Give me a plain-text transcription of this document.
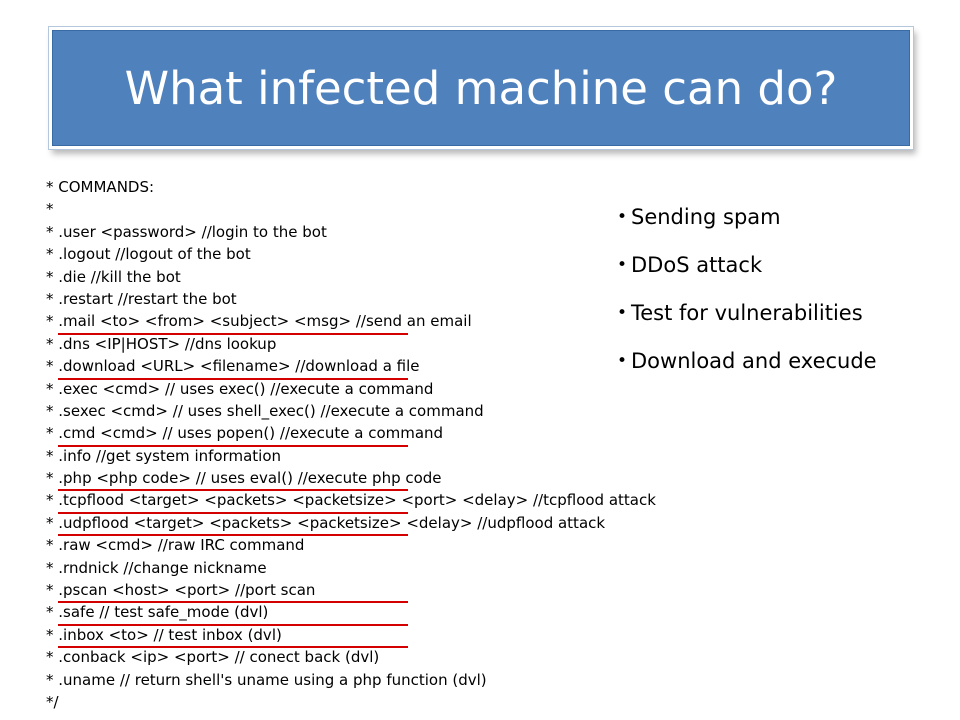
What infected machine can do?
* COMMANDS:
*
* .user <password> //login to the bot
* .logout //logout of the bot
* .die //kill the bot
* .restart //restart the bot
* .mail <to> <from> <subject> <msg> //send an email
* .dns <IP|HOST> //dns lookup
* .download <URL> <filename> //download a file
* .exec <cmd> // uses exec() //execute a command
* .sexec <cmd> // uses shell_exec() //execute a command
* .cmd <cmd> // uses popen() //execute a command
* .info //get system information
* .php <php code> // uses eval() //execute php code
* .tcpflood <target> <packets> <packetsize> <port> <delay> //tcpflood attack
* .udpflood <target> <packets> <packetsize> <delay> //udpflood attack
* .raw <cmd> //raw IRC command
* .rndnick //change nickname
* .pscan <host> <port> //port scan
* .safe // test safe_mode (dvl)
* .inbox <to> // test inbox (dvl)
* .conback <ip> <port> // conect back (dvl)
* .uname // return shell's uname using a php function (dvl)
*/
• Sending spam
• DDoS attack
• Test for vulnerabilities
• Download and execude
